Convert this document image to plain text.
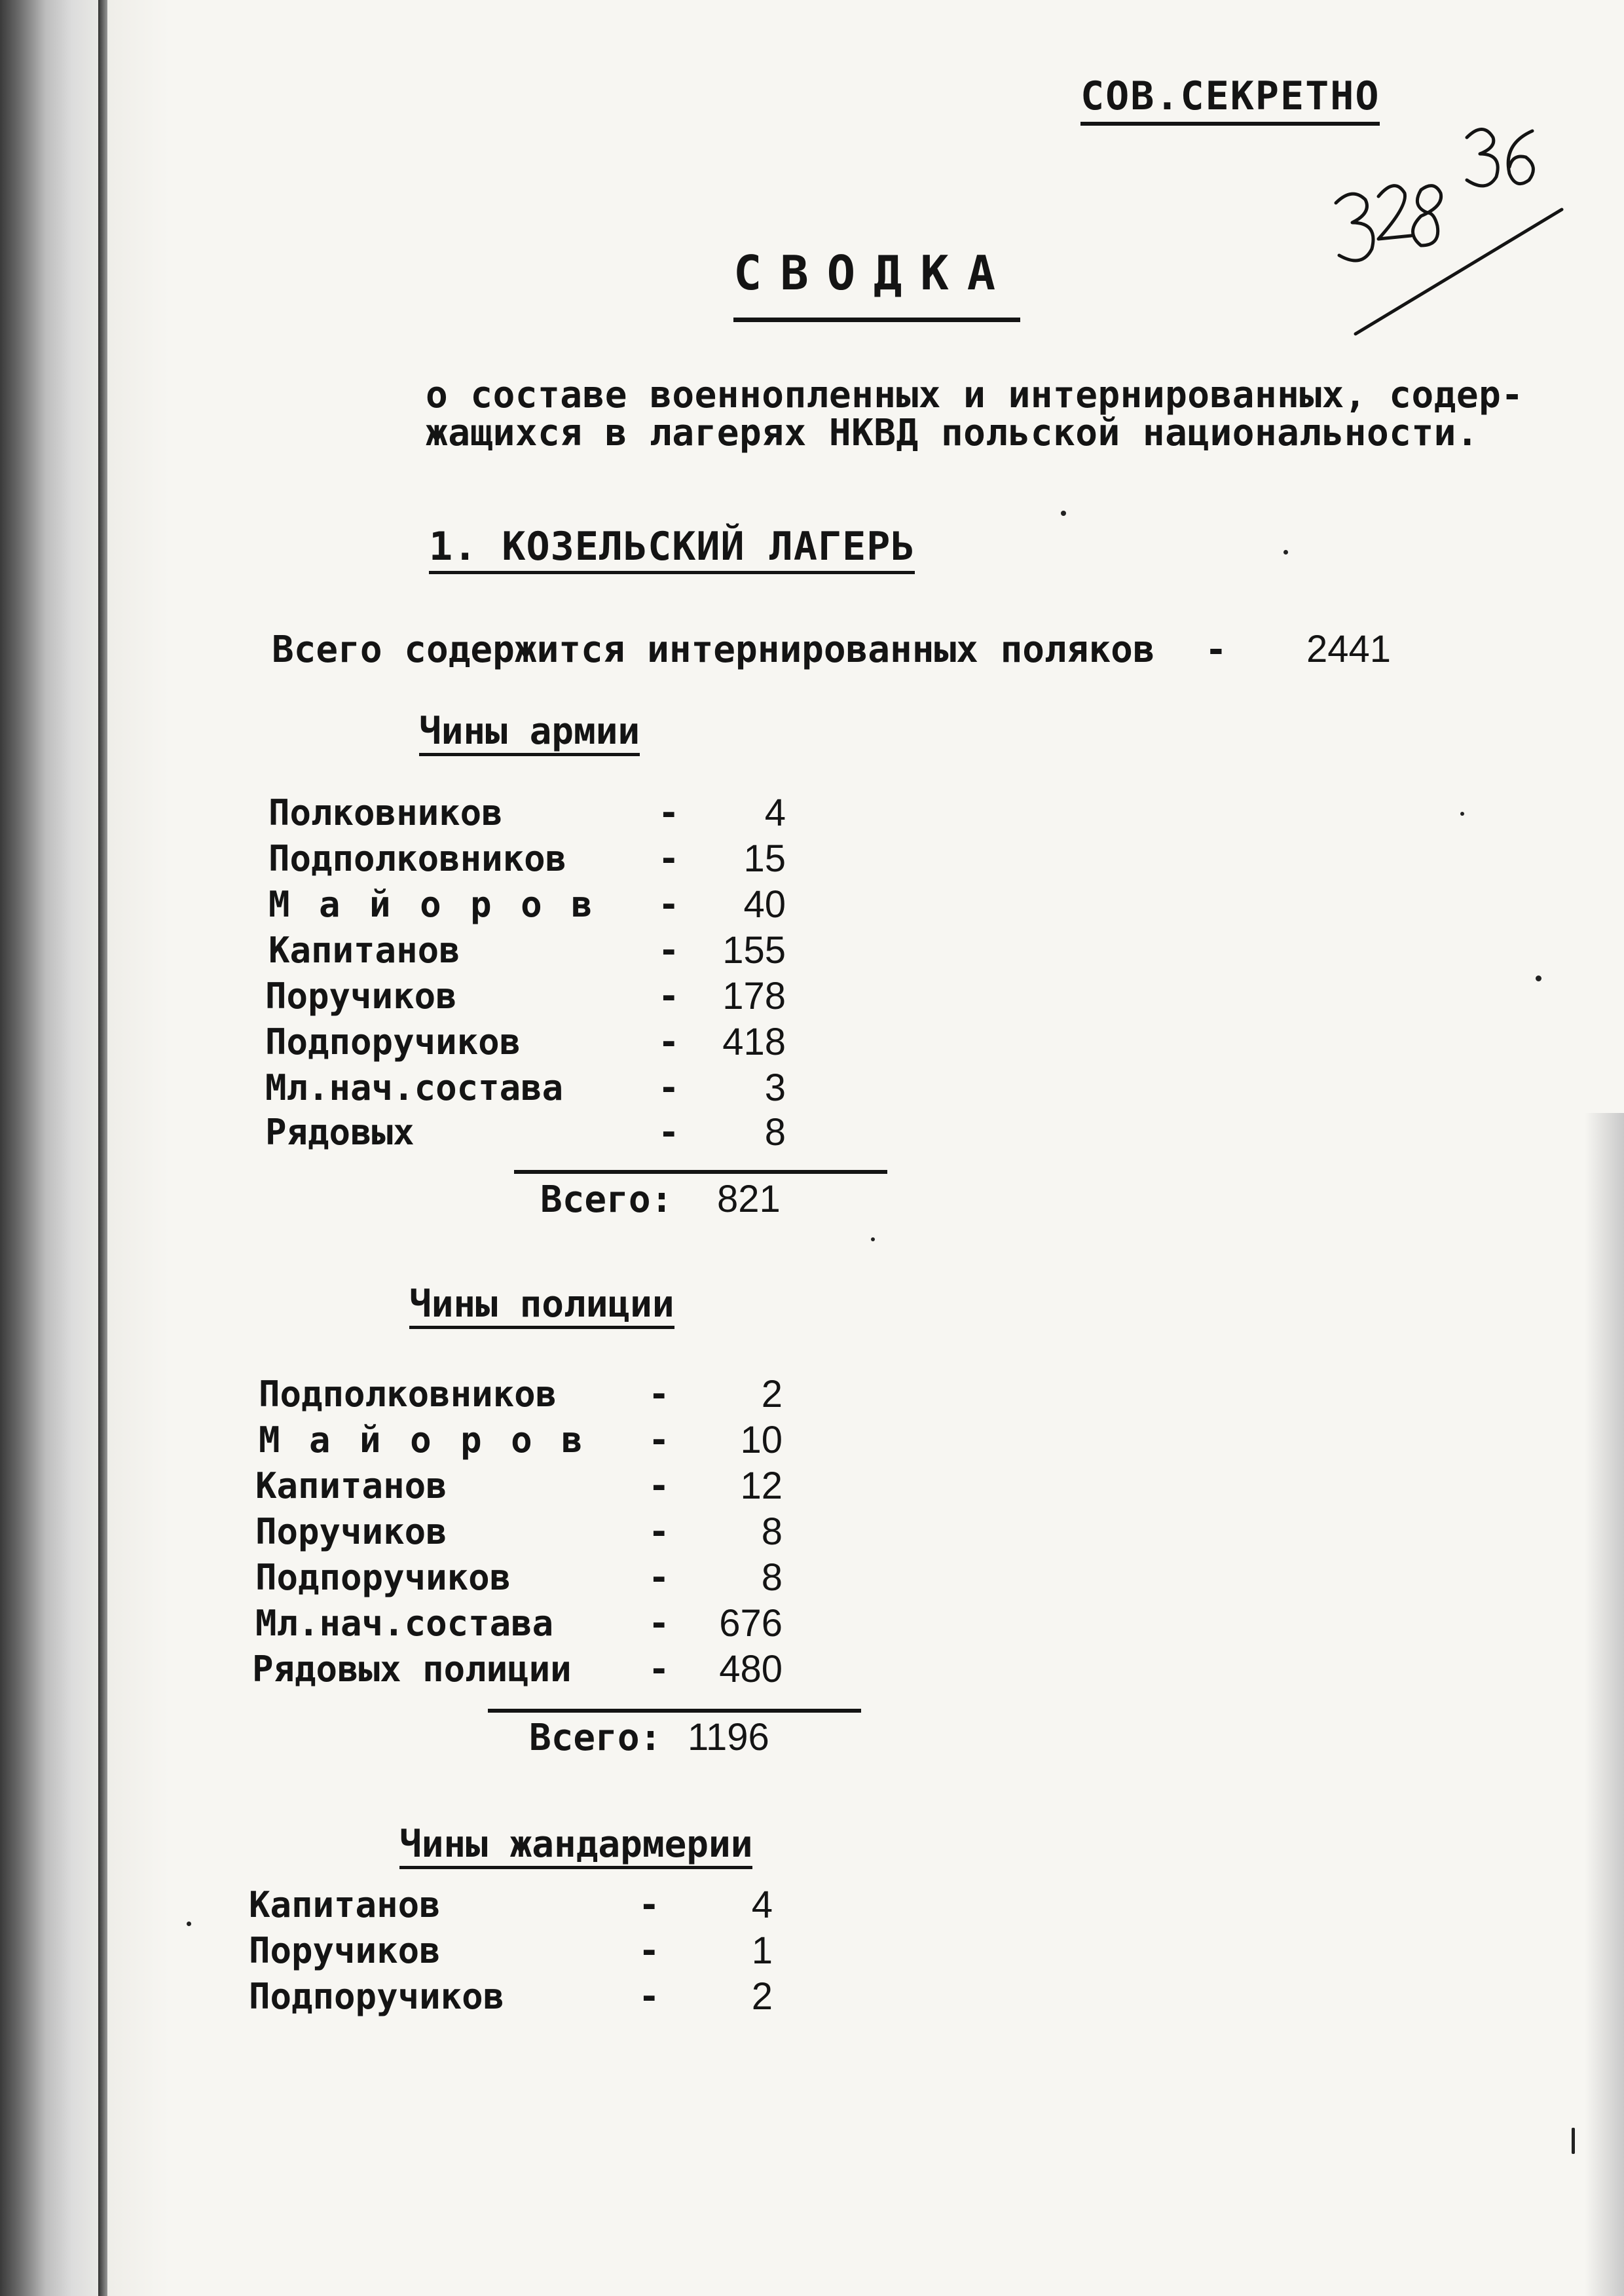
СОВ.СЕКРЕТНО
СВОДКА
о составе военнопленных и интернированных, содер-
жащихся в лагерях НКВД польской национальности.
1. КОЗЕЛЬСКИЙ ЛАГЕРЬ
Всего содержится интернированных поляков - 2441
Чины армии
Полковников	-	4
Подполковников	-	15
М а й о р о в -	40
Капитанов	-	155
Поручиков	-	178
Подпоручиков	-	418
Мл.нач.состава	-	3
Рядовых	-	8
Всего: 821
Чины полиции
Подполковников	-	2
М а й о р о в -	10
Капитанов	-	12
Поручиков	-	8
Подпоручиков	-	8
Мл.нач.состава	-	676
Рядовых полиции -	480
Всего: 1196
Чины жандармерии
Капитанов	-	4
Поручиков	-	1
Подпоручиков	-	2
